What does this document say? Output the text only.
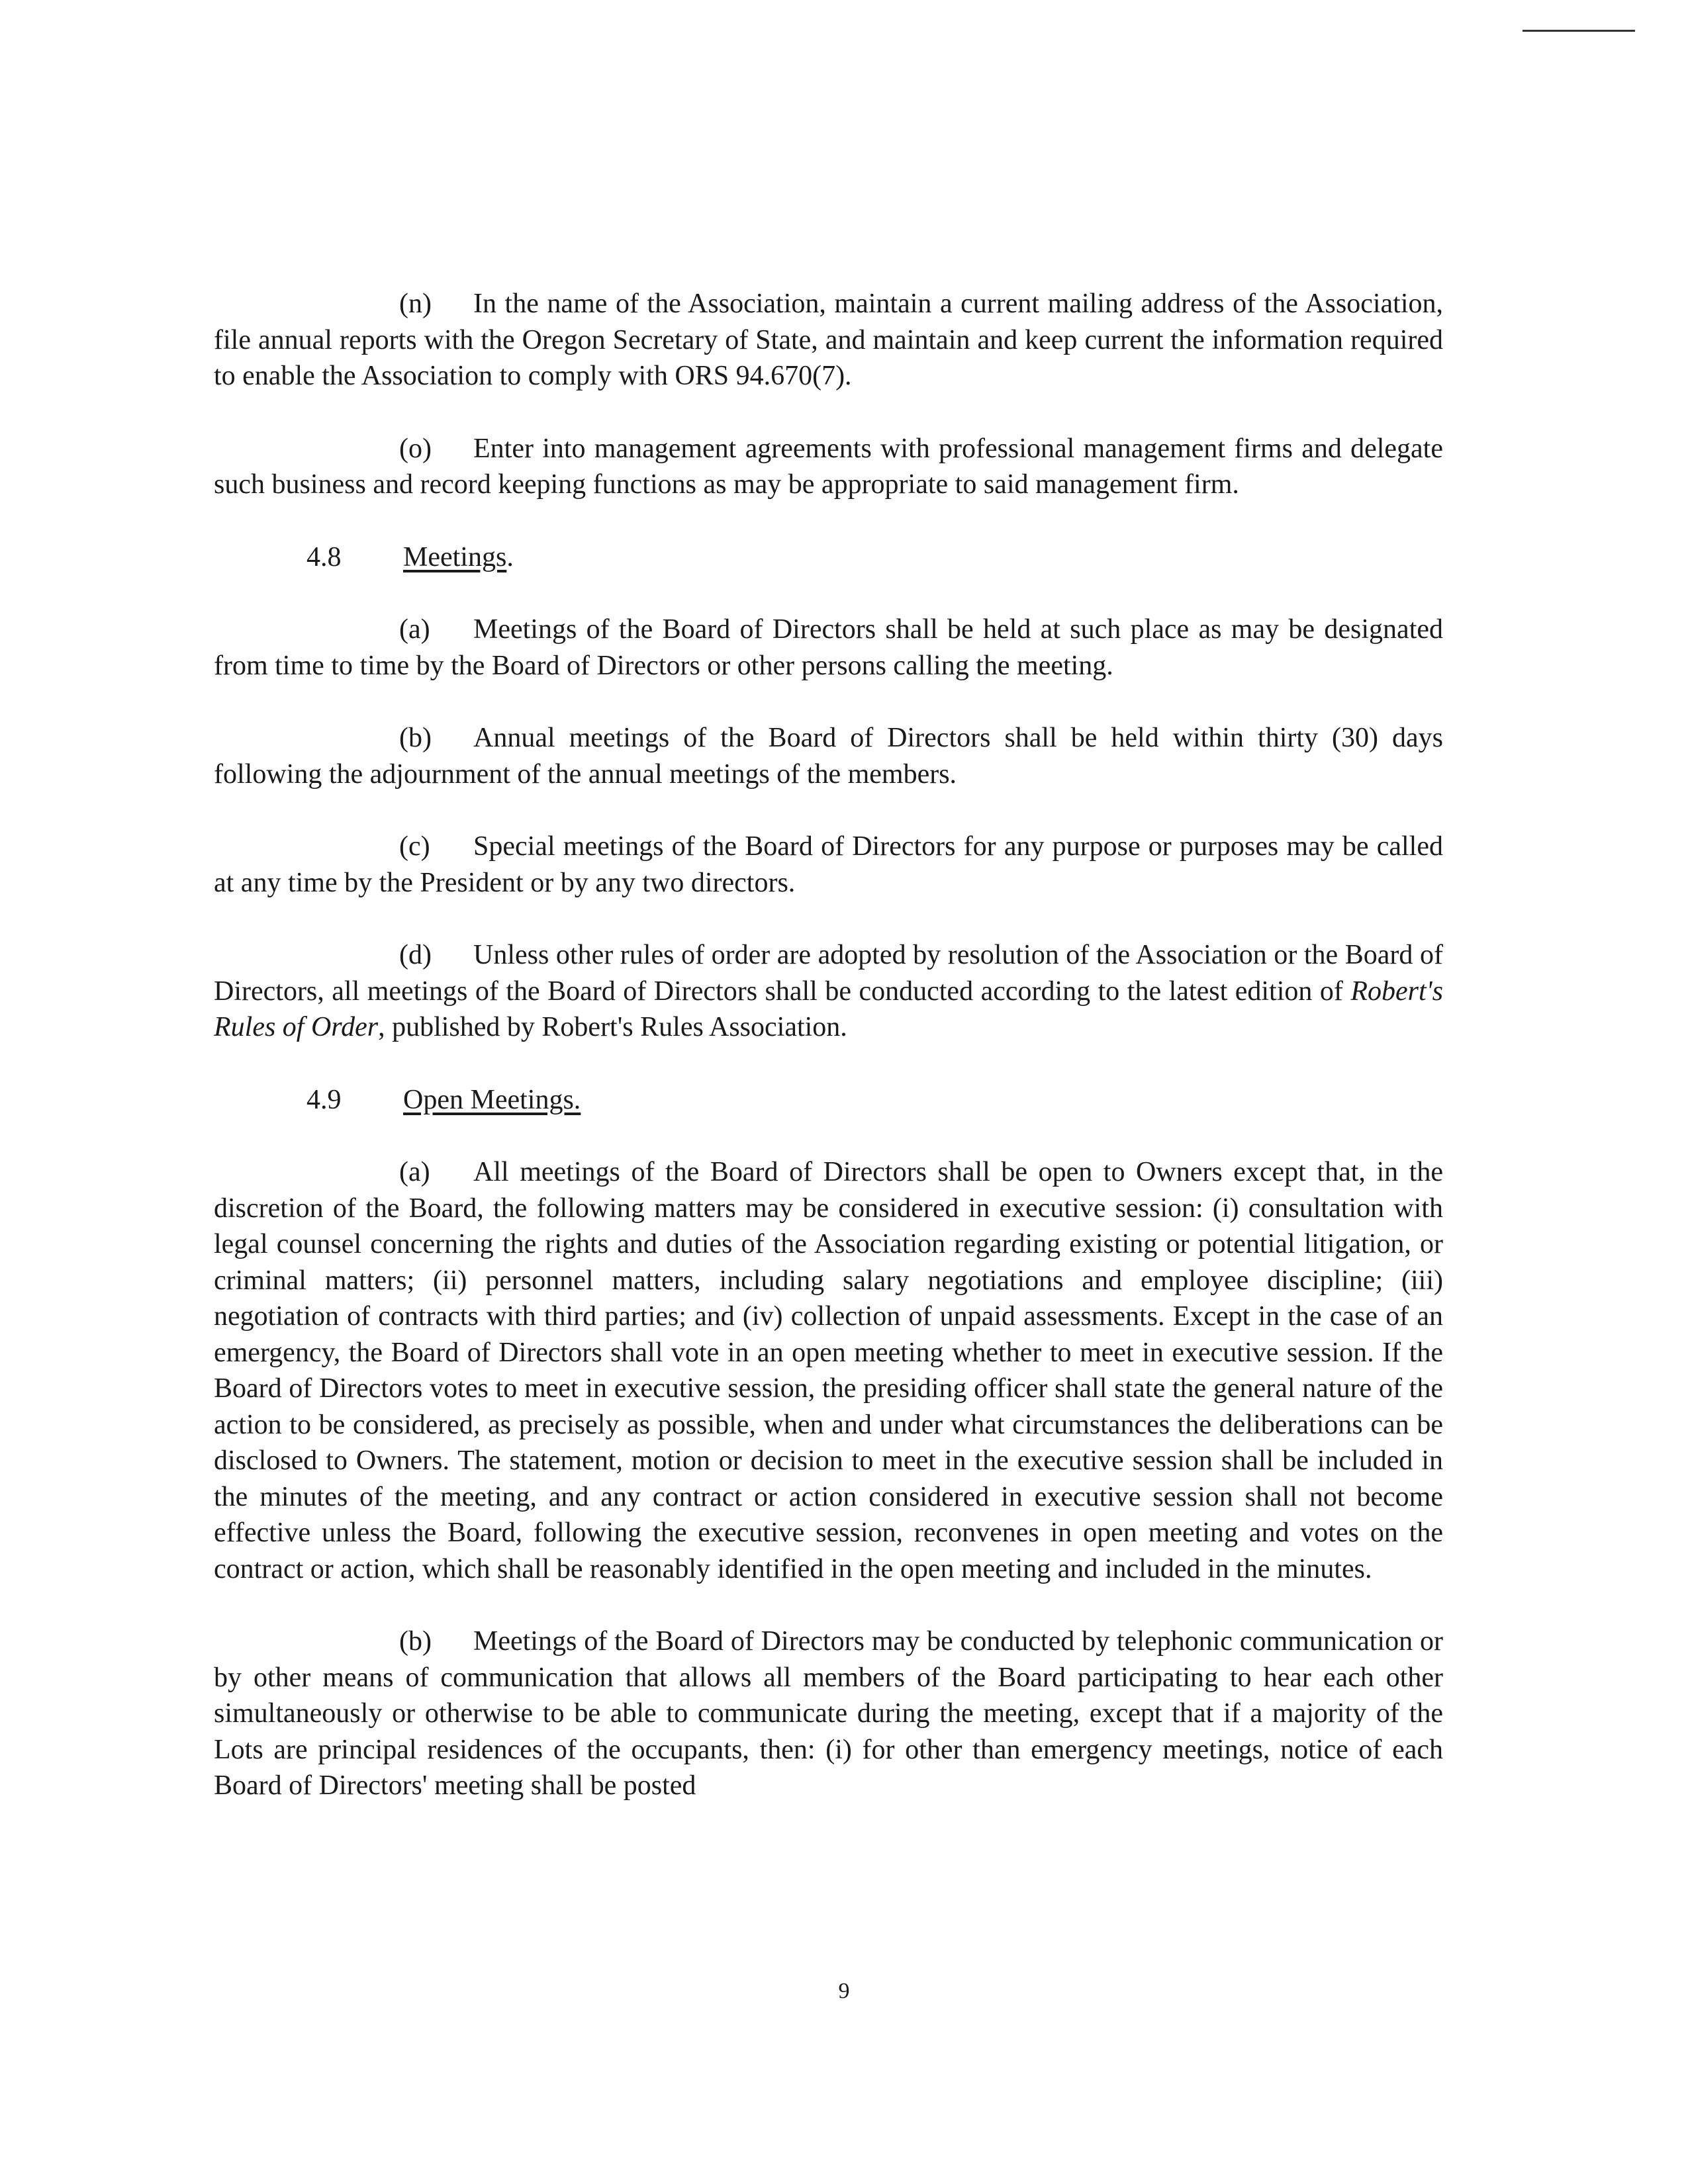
(n) In the name of the Association, maintain a current mailing address of the Association, file annual reports with the Oregon Secretary of State, and maintain and keep current the information required to enable the Association to comply with ORS 94.670(7).

(o) Enter into management agreements with professional management firms and delegate such business and record keeping functions as may be appropriate to said management firm.

4.8 Meetings.

(a) Meetings of the Board of Directors shall be held at such place as may be designated from time to time by the Board of Directors or other persons calling the meeting.

(b) Annual meetings of the Board of Directors shall be held within thirty (30) days following the adjournment of the annual meetings of the members.

(c) Special meetings of the Board of Directors for any purpose or purposes may be called at any time by the President or by any two directors.

(d) Unless other rules of order are adopted by resolution of the Association or the Board of Directors, all meetings of the Board of Directors shall be conducted according to the latest edition of Robert's Rules of Order, published by Robert's Rules Association.

4.9 Open Meetings.

(a) All meetings of the Board of Directors shall be open to Owners except that, in the discretion of the Board, the following matters may be considered in executive session: (i) consultation with legal counsel concerning the rights and duties of the Association regarding existing or potential litigation, or criminal matters; (ii) personnel matters, including salary negotiations and employee discipline; (iii) negotiation of contracts with third parties; and (iv) collection of unpaid assessments. Except in the case of an emergency, the Board of Directors shall vote in an open meeting whether to meet in executive session. If the Board of Directors votes to meet in executive session, the presiding officer shall state the general nature of the action to be considered, as precisely as possible, when and under what circumstances the deliberations can be disclosed to Owners. The statement, motion or decision to meet in the executive session shall be included in the minutes of the meeting, and any contract or action considered in executive session shall not become effective unless the Board, following the executive session, reconvenes in open meeting and votes on the contract or action, which shall be reasonably identified in the open meeting and included in the minutes.

(b) Meetings of the Board of Directors may be conducted by telephonic communication or by other means of communication that allows all members of the Board participating to hear each other simultaneously or otherwise to be able to communicate during the meeting, except that if a majority of the Lots are principal residences of the occupants, then: (i) for other than emergency meetings, notice of each Board of Directors' meeting shall be posted

9
